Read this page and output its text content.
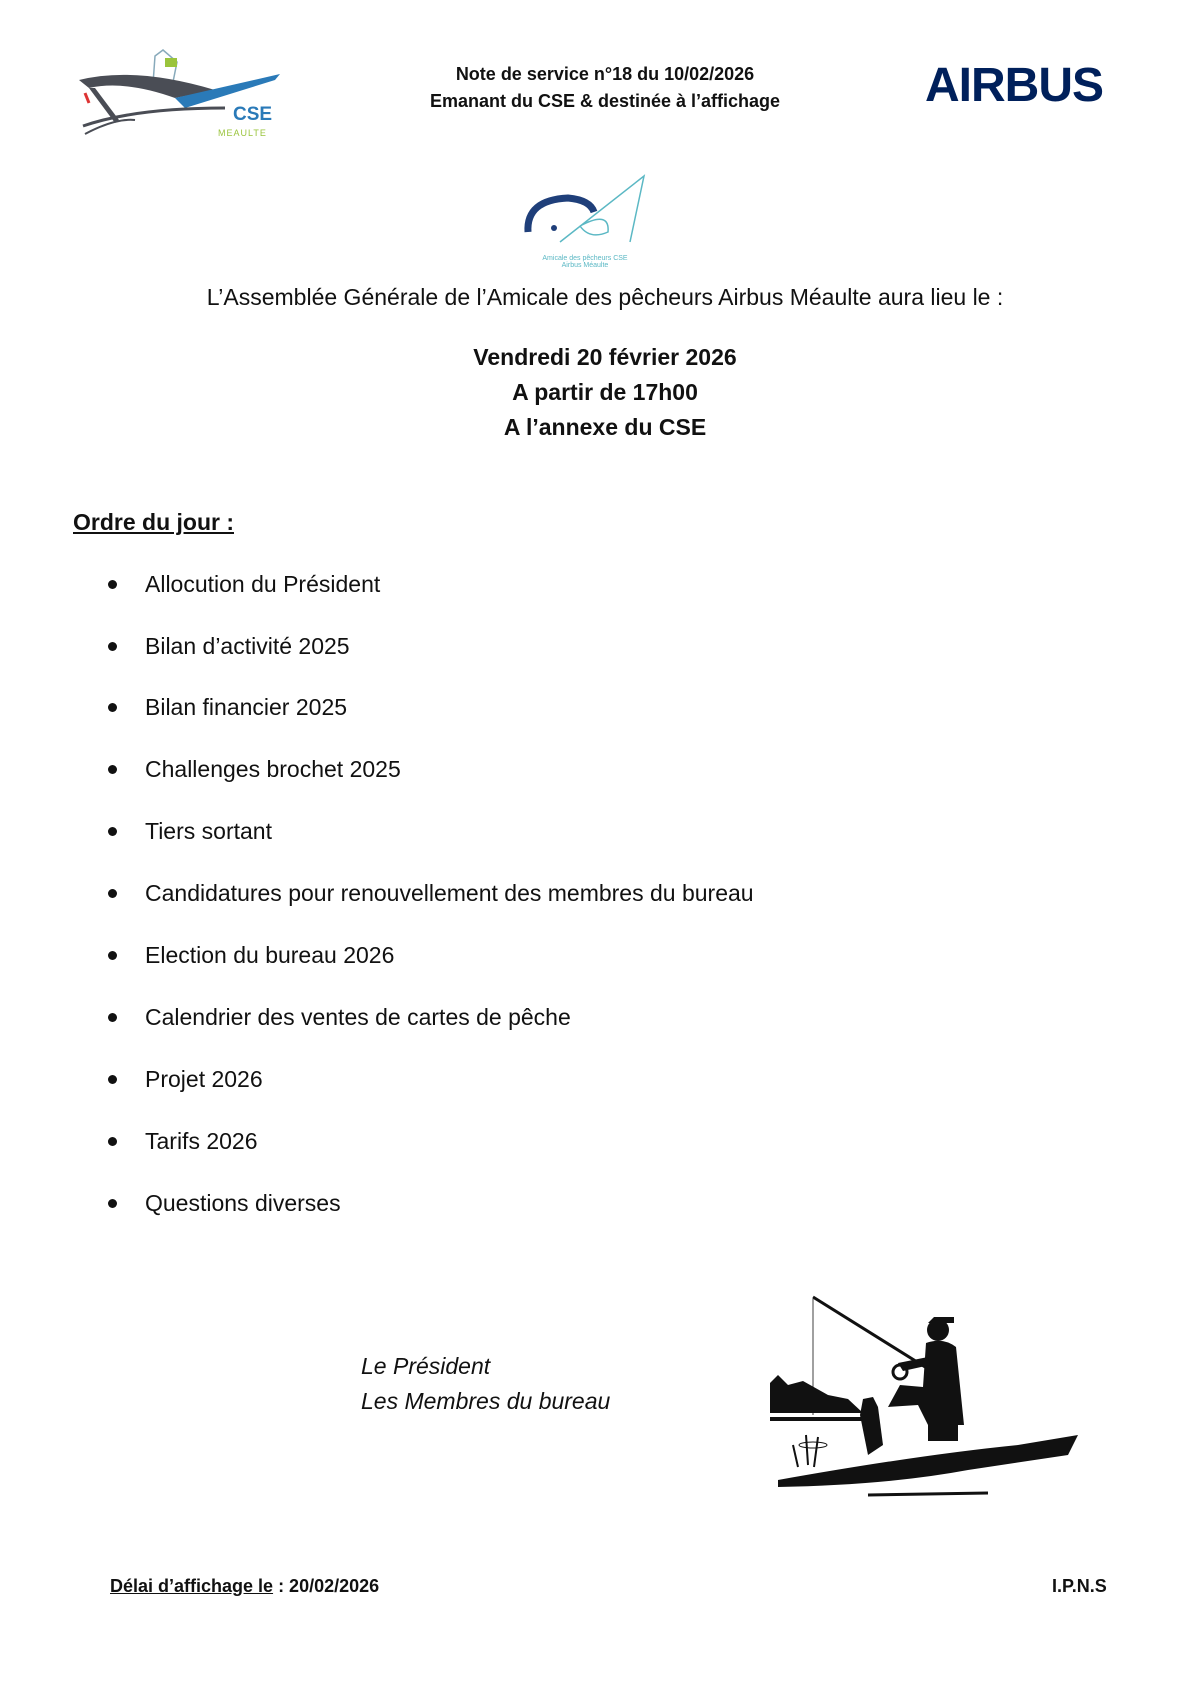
CSE
MEAULTE
Note de service n°18 du 10/02/2026
Emanant du CSE & destinée à l’affichage	AIRBUS
Amicale des pêcheurs CSE Airbus Méaulte
L’Assemblée Générale de l’Amicale des pêcheurs Airbus Méaulte aura lieu le :
Vendredi 20 février 2026
A partir de 17h00
A l’annexe du CSE
Ordre du jour :
Allocution du Président
Bilan d’activité 2025
Bilan financier 2025
Challenges brochet 2025
Tiers sortant
Candidatures pour renouvellement des membres du bureau
Election du bureau 2026
Calendrier des ventes de cartes de pêche
Projet 2026
Tarifs 2026
Questions diverses
Le Président
Les Membres du bureau
Délai d’affichage le : 20/02/2026	I.P.N.S
